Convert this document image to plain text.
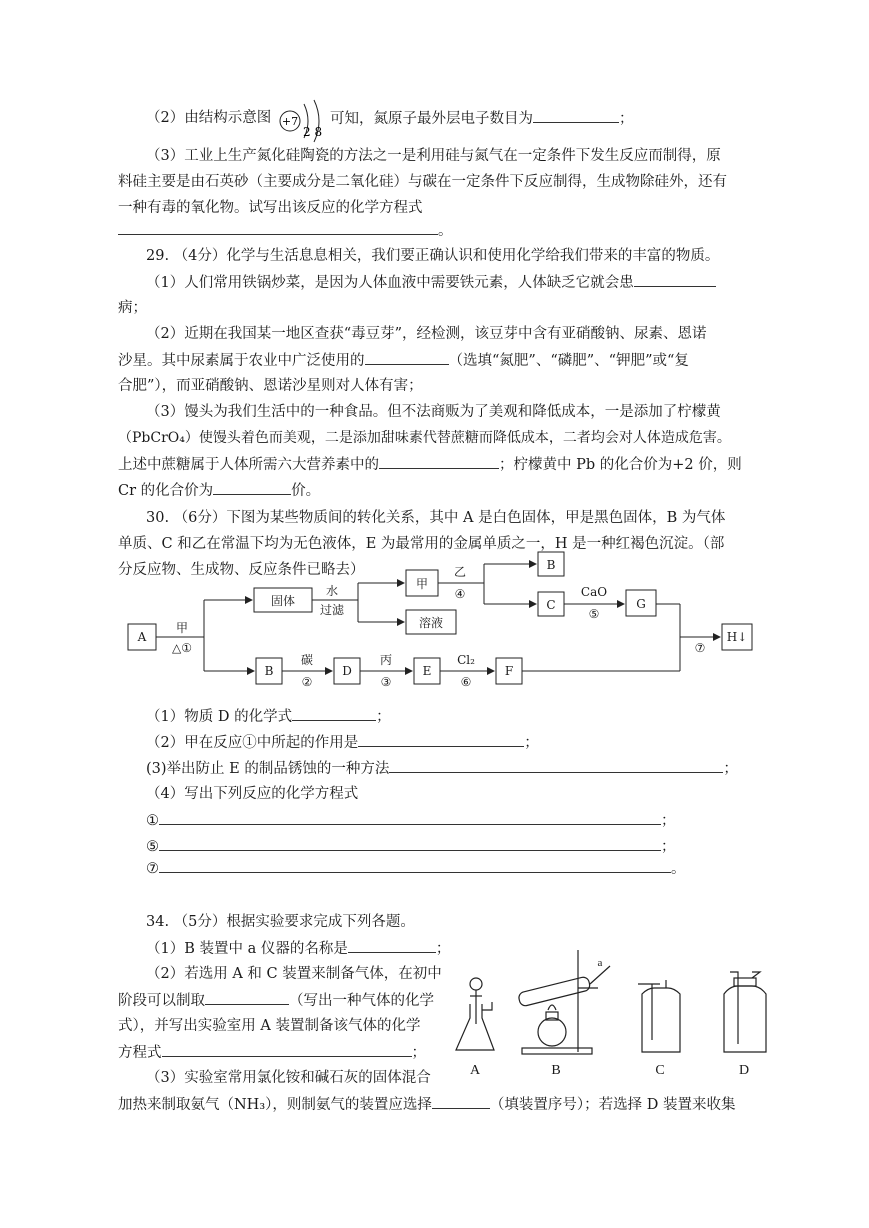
（2）由结构示意图 +7
2 8
可知，氮原子最外层电子数目为	；
（3）工业上生产氮化硅陶瓷的方法之一是利用硅与氮气在一定条件下发生反应而制得，原
料硅主要是由石英砂（主要成分是二氧化硅）与碳在一定条件下反应制得，生成物除硅外，还有
一种有毒的氧化物。试写出该反应的化学方程式
。
29. （4分）化学与生活息息相关，我们要正确认识和使用化学给我们带来的丰富的物质。
（1）人们常用铁锅炒菜，是因为人体血液中需要铁元素，人体缺乏它就会患
病；
（2）近期在我国某一地区查获“毒豆芽”，经检测，该豆芽中含有亚硝酸钠、尿素、恩诺
沙星。其中尿素属于农业中广泛使用的	（选填“氮肥”、“磷肥”、“钾肥”或“复
合肥”），而亚硝酸钠、恩诺沙星则对人体有害；
（3）馒头为我们生活中的一种食品。但不法商贩为了美观和降低成本，一是添加了柠檬黄
（PbCrO₄）使馒头着色而美观，二是添加甜味素代替蔗糖而降低成本，二者均会对人体造成危害。
上述中蔗糖属于人体所需六大营养素中的	；柠檬黄中 Pb 的化合价为+2 价，则
Cr 的化合价为	价。
30. （6分）下图为某些物质间的转化关系，其中 A 是白色固体，甲是黑色固体，B 为气体
单质、C 和乙在常温下均为无色液体，E 为最常用的金属单质之一，H 是一种红褐色沉淀。（部
分反应物、生成物、反应条件已略去）
A
固体
甲
溶液
B
C	G
H↓
B	D	E	F
甲
△①
水
过滤
乙
④	CaO
⑤
碳
②
丙
③
Cl₂
⑥
⑦
（1）物质 D 的化学式	；
（2）甲在反应①中所起的作用是	；
(3)举出防止 E 的制品锈蚀的一种方法	；
（4）写出下列反应的化学方程式
①	；
⑤	；
⑦	。
34. （5分）根据实验要求完成下列各题。
（1）B 装置中 a 仪器的名称是	；
（2）若选用 A 和 C 装置来制备气体，在初中
阶段可以制取	（写出一种气体的化学
式），并写出实验室用 A 装置制备该气体的化学
方程式	；
（3）实验室常用氯化铵和碱石灰的固体混合
加热来制取氨气（NH₃），则制氨气的装置应选择	（填装置序号）；若选择 D 装置来收集
A	B	C	D
a
